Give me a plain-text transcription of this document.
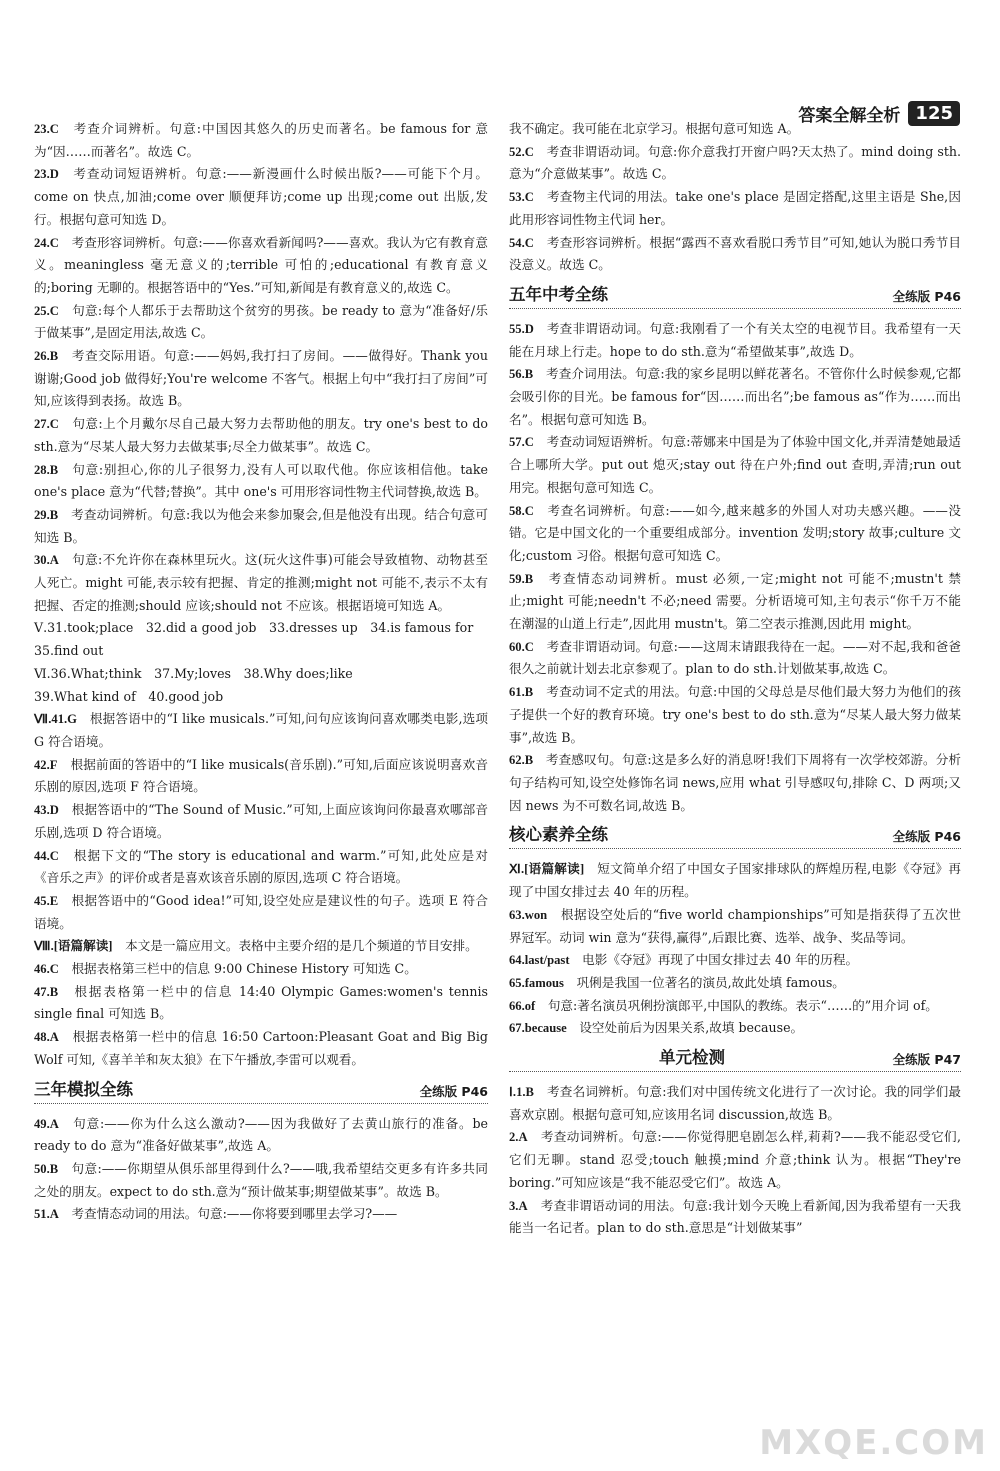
答案全解全析 125

23.C　 考查介词辨析。句意:中国因其悠久的历史而著名。be famous for 意为“因……而著名”。故选 C。

23.D　 考查动词短语辨析。句意:——新漫画什么时候出版?——可能下个月。come on 快点,加油;come over 顺便拜访;come up 出现;come out 出版,发行。根据句意可知选 D。

24.C　 考查形容词辨析。句意:——你喜欢看新闻吗?——喜欢。我认为它有教育意义。meaningless 毫无意义的;terrible 可怕的;educational 有教育意义的;boring 无聊的。根据答语中的“Yes.”可知,新闻是有教育意义的,故选 C。

25.C　 句意:每个人都乐于去帮助这个贫穷的男孩。be ready to 意为“准备好/乐于做某事”,是固定用法,故选 C。

26.B　 考查交际用语。句意:——妈妈,我打扫了房间。——做得好。Thank you 谢谢;Good job 做得好;You're welcome 不客气。根据上句中“我打扫了房间”可知,应该得到表扬。故选 B。

27.C　 句意:上个月戴尔尽自己最大努力去帮助他的朋友。try one's best to do sth.意为“尽某人最大努力去做某事;尽全力做某事”。故选 C。

28.B　 句意:别担心,你的儿子很努力,没有人可以取代他。你应该相信他。take one's place 意为“代替;替换”。其中 one's 可用形容词性物主代词替换,故选 B。

29.B　 考查动词辨析。句意:我以为他会来参加聚会,但是他没有出现。结合句意可知选 B。

30.A　 句意:不允许你在森林里玩火。这(玩火这件事)可能会导致植物、动物甚至人死亡。might 可能,表示较有把握、肯定的推测;might not 可能不,表示不太有把握、否定的推测;should 应该;should not 不应该。根据语境可知选 A。

Ⅴ.31.took;place　32.did a good job　33.dresses up　34.is famous for

35.find out

Ⅵ.36.What;think　37.My;loves　38.Why does;like

39.What kind of　40.good job

Ⅶ.41.G　 根据答语中的“I like musicals.”可知,问句应该询问喜欢哪类电影,选项 G 符合语境。

42.F　 根据前面的答语中的“I like musicals(音乐剧).”可知,后面应该说明喜欢音乐剧的原因,选项 F 符合语境。

43.D　 根据答语中的“The Sound of Music.”可知,上面应该询问你最喜欢哪部音乐剧,选项 D 符合语境。

44.C　 根据下文的“The story is educational and warm.”可知,此处应是对《音乐之声》的评价或者是喜欢该音乐剧的原因,选项 C 符合语境。

45.E　 根据答语中的“Good idea!”可知,设空处应是建议性的句子。选项 E 符合语境。

Ⅷ.[语篇解读]　 本文是一篇应用文。表格中主要介绍的是几个频道的节目安排。

46.C　 根据表格第三栏中的信息 9:00 Chinese History 可知选 C。

47.B　 根据表格第一栏中的信息 14:40 Olympic Games:women's tennis single final 可知选 B。

48.A　 根据表格第一栏中的信息 16:50 Cartoon:Pleasant Goat and Big Big Wolf 可知,《喜羊羊和灰太狼》在下午播放,李雷可以观看。

三年模拟全练	全练版 P46

49.A　 句意:——你为什么这么激动?——因为我做好了去黄山旅行的准备。be ready to do 意为“准备好做某事”,故选 A。

50.B　 句意:——你期望从俱乐部里得到什么?——哦,我希望结交更多有许多共同之处的朋友。expect to do sth.意为“预计做某事;期望做某事”。故选 B。

51.A　 考查情态动词的用法。句意:——你将要到哪里去学习?——

我不确定。我可能在北京学习。根据句意可知选 A。

52.C　 考查非谓语动词。句意:你介意我打开窗户吗?天太热了。mind doing sth.意为“介意做某事”。故选 C。

53.C　 考查物主代词的用法。take one's place 是固定搭配,这里主语是 She,因此用形容词性物主代词 her。

54.C　 考查形容词辨析。根据“露西不喜欢看脱口秀节目”可知,她认为脱口秀节目没意义。故选 C。

五年中考全练	全练版 P46

55.D　 考查非谓语动词。句意:我刚看了一个有关太空的电视节目。我希望有一天能在月球上行走。hope to do sth.意为“希望做某事”,故选 D。

56.B　 考查介词用法。句意:我的家乡昆明以鲜花著名。不管你什么时候参观,它都会吸引你的目光。be famous for“因……而出名”;be famous as“作为……而出名”。根据句意可知选 B。

57.C　 考查动词短语辨析。句意:蒂娜来中国是为了体验中国文化,并弄清楚她最适合上哪所大学。put out 熄灭;stay out 待在户外;find out 查明,弄清;run out 用完。根据句意可知选 C。

58.C　 考查名词辨析。句意:——如今,越来越多的外国人对功夫感兴趣。——没错。它是中国文化的一个重要组成部分。invention 发明;story 故事;culture 文化;custom 习俗。根据句意可知选 C。

59.B　 考查情态动词辨析。must 必须,一定;might not 可能不;mustn't 禁止;might 可能;needn't 不必;need 需要。分析语境可知,主句表示“你千万不能在潮湿的山道上行走”,因此用 mustn't。第二空表示推测,因此用 might。

60.C　 考查非谓语动词。句意:——这周末请跟我待在一起。——对不起,我和爸爸很久之前就计划去北京参观了。plan to do sth.计划做某事,故选 C。

61.B　 考查动词不定式的用法。句意:中国的父母总是尽他们最大努力为他们的孩子提供一个好的教育环境。try one's best to do sth.意为“尽某人最大努力做某事”,故选 B。

62.B　 考查感叹句。句意:这是多么好的消息呀!我们下周将有一次学校郊游。分析句子结构可知,设空处修饰名词 news,应用 what 引导感叹句,排除 C、D 两项;又因 news 为不可数名词,故选 B。

核心素养全练	全练版 P46

Ⅺ.[语篇解读]　 短文简单介绍了中国女子国家排球队的辉煌历程,电影《夺冠》再现了中国女排过去 40 年的历程。

63.won　 根据设空处后的“five world championships”可知是指获得了五次世界冠军。动词 win 意为“获得,赢得”,后跟比赛、选举、战争、奖品等词。

64.last/past　 电影《夺冠》再现了中国女排过去 40 年的历程。

65.famous　 巩俐是我国一位著名的演员,故此处填 famous。

66.of　 句意:著名演员巩俐扮演郎平,中国队的教练。表示“……的”用介词 of。

67.because　 设空处前后为因果关系,故填 because。

单元检测	全练版 P47

Ⅰ.1.B　 考查名词辨析。句意:我们对中国传统文化进行了一次讨论。我的同学们最喜欢京剧。根据句意可知,应该用名词 discussion,故选 B。

2.A　 考查动词辨析。句意:——你觉得肥皂剧怎么样,莉莉?——我不能忍受它们,它们无聊。stand 忍受;touch 触摸;mind 介意;think 认为。根据“They're boring.”可知应该是“我不能忍受它们”。故选 A。

3.A　 考查非谓语动词的用法。句意:我计划今天晚上看新闻,因为我希望有一天我能当一名记者。plan to do sth.意思是“计划做某事”

MXQE.COM
